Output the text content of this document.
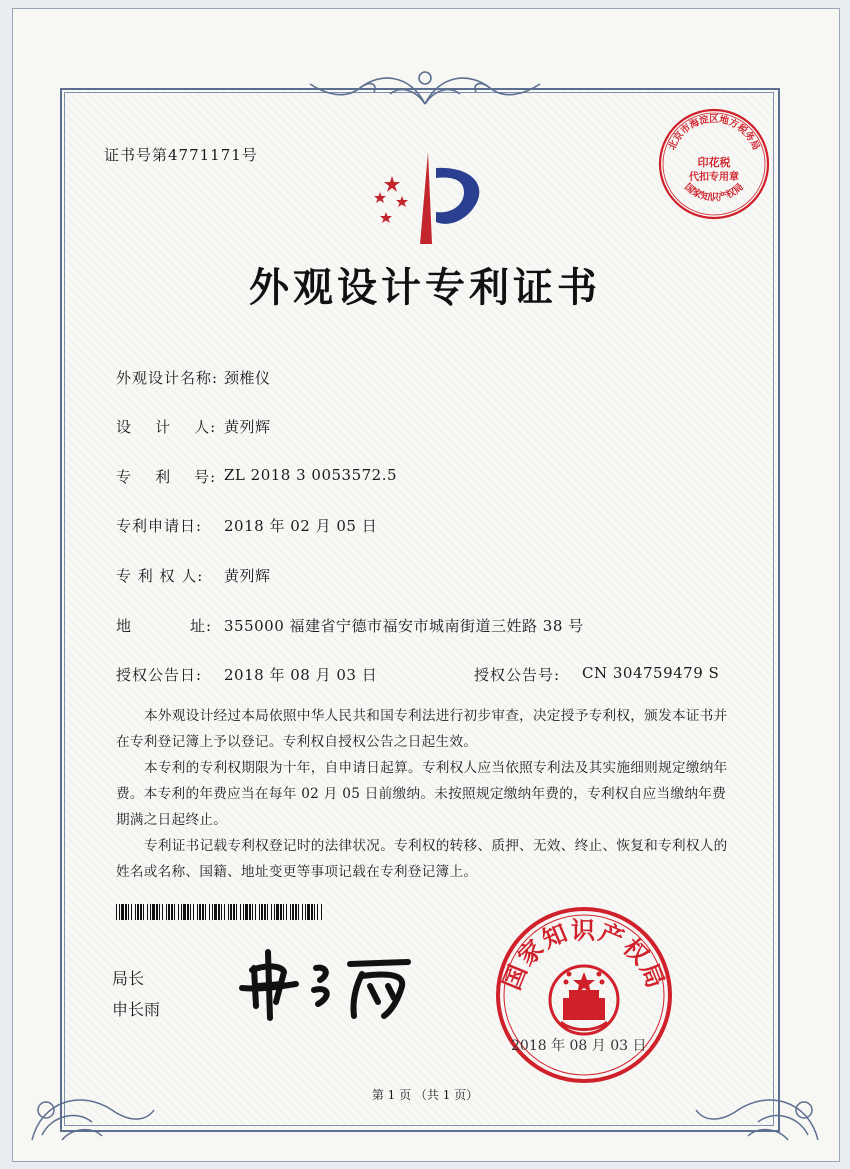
证书号第4771171号
北京市海淀区地方税务局
印花税
代扣专用章
国家知识产权局
外观设计专利证书
外观设计名称: 颈椎仪
设    计    人: 黄列辉
专    利    号: ZL 2018 3 0053572.5
专利申请日: 2018 年 02 月 05 日
专 利 权 人: 黄列辉
地	址: 355000 福建省宁德市福安市城南街道三姓路 38 号
授权公告日: 2018 年 08 月 03 日	授权公告号: CN 304759479 S

本外观设计经过本局依照中华人民共和国专利法进行初步审查，决定授予专利权，颁发本证书并在专利登记簿上予以登记。专利权自授权公告之日起生效。

本专利的专利权期限为十年，自申请日起算。专利权人应当依照专利法及其实施细则规定缴纳年费。本专利的年费应当在每年 02 月 05 日前缴纳。未按照规定缴纳年费的，专利权自应当缴纳年费期满之日起终止。

专利证书记载专利权登记时的法律状况。专利权的转移、质押、无效、终止、恢复和专利权人的姓名或名称、国籍、地址变更等事项记载在专利登记簿上。

局长
申长雨
国家知识产权局
2018 年 08 月 03 日
第 1 页 （共 1 页）
